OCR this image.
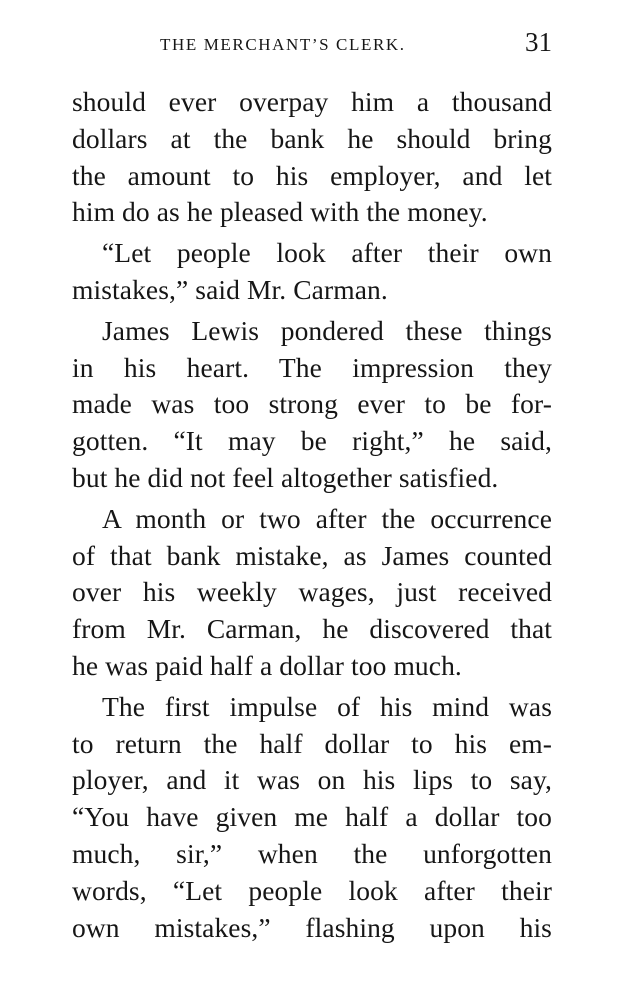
THE MERCHANT’S CLERK.	31
should ever overpay him a thousand
dollars at the bank he should bring
the amount to his employer, and let
him do as he pleased with the money.
“Let people look after their own
mistakes,” said Mr. Carman.
James Lewis pondered these things
in his heart. The impression they
made was too strong ever to be for-
gotten. “It may be right,” he said,
but he did not feel altogether satisfied.
A month or two after the occurrence
of that bank mistake, as James counted
over his weekly wages, just received
from Mr. Carman, he discovered that
he was paid half a dollar too much.
The first impulse of his mind was
to return the half dollar to his em-
ployer, and it was on his lips to say,
“You have given me half a dollar too
much, sir,” when the unforgotten
words, “Let people look after their
own mistakes,” flashing upon his
